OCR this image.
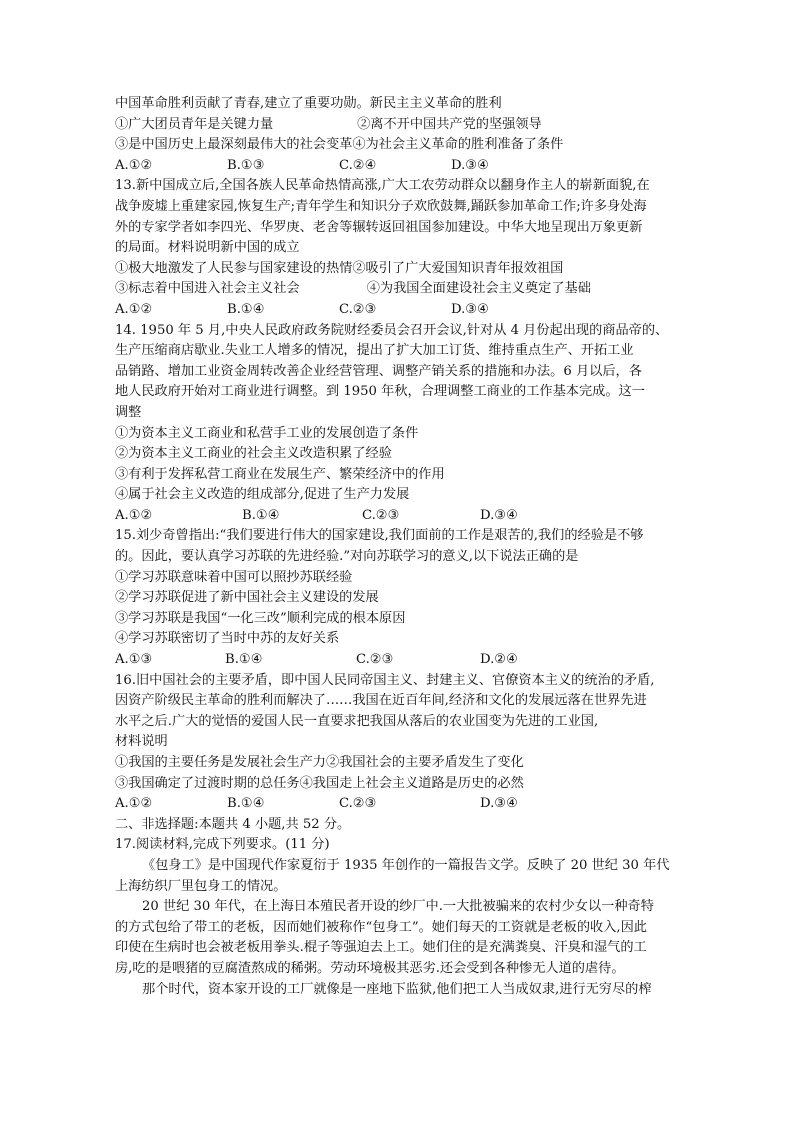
中国革命胜利贡献了青春,建立了重要功勋。新民主主义革命的胜利
①广大团员青年是关键力量                    ②离不开中国共产党的坚强领导
③是中国历史上最深刻最伟大的社会变革④为社会主义革命的胜利准备了条件
A.①②	B.①③	C.②④	D.③④
13.新中国成立后,全国各族人民革命热情高涨,广大工农劳动群众以翻身作主人的崭新面貌,在
战争废墟上重建家园,恢复生产;青年学生和知识分子欢欣鼓舞,踊跃参加革命工作;许多身处海
外的专家学者如李四光、华罗庚、老舍等辗转返回祖国参加建设。中华大地呈现出万象更新
的局面。材料说明新中国的成立
①极大地激发了人民参与国家建设的热情②吸引了广大爱国知识青年报效祖国
③标志着中国进入社会主义社会                ④为我国全面建设社会主义奠定了基础
A.①②	B.①④	C.②③	D.③④
14. 1950 年 5 月,中央人民政府政务院财经委员会召开会议,针对从 4 月份起出现的商品帝的、
生产压缩商店歇业.失业工人增多的情况，提出了扩大加工订货、维持重点生产、开拓工业
品销路、增加工业资金周转改善企业经营管理、调整产销关系的措施和办法。6 月以后，各
地人民政府开始对工商业进行调整。到 1950 年秋，合理调整工商业的工作基本完成。这一
调整
①为资本主义工商业和私营手工业的发展创造了条件
②为资本主义工商业的社会主义改造积累了经验
③有利于发挥私营工商业在发展生产、繁荣经济中的作用
④属于社会主义改造的组成部分,促进了生产力发展
A.①②	B.①④	C.②③	D.③④
15.刘少奇曾指出:“我们要进行伟大的国家建设,我们面前的工作是艰苦的,我们的经验是不够
的。因此，要认真学习苏联的先进经验.”对向苏联学习的意义,以下说法正确的是
①学习苏联意味着中国可以照抄苏联经验
②学习苏联促进了新中国社会主义建设的发展
③学习苏联是我国“一化三改”顺利完成的根本原因
④学习苏联密切了当时中苏的友好关系
A.①③	B.①④	C.②③	D.②④
16.旧中国社会的主要矛盾，即中国人民同帝国主义、封建主义、官僚资本主义的统治的矛盾,
因资产阶级民主革命的胜利而解决了……我国在近百年间,经济和文化的发展远落在世界先进
水平之后.广大的觉悟的爱国人民一直要求把我国从落后的农业国变为先进的工业国,
材料说明
①我国的主要任务是发展社会生产力②我国社会的主要矛盾发生了变化
③我国确定了过渡时期的总任务④我国走上社会主义道路是历史的必然
A.①②	B.①④	C.②③	D.③④
二、非选择题:本题共 4 小题,共 52 分。
17.阅读材料,完成下列要求。(11 分)
《包身工》是中国现代作家夏衍于 1935 年创作的一篇报告文学。反映了 20 世纪 30 年代
上海纺织厂里包身工的情况。
20 世纪 30 年代，在上海日本殖民者开设的纱厂中.一大批被骗来的农村少女以一种奇特
的方式包给了带工的老板，因而她们被称作“包身工”。她们每天的工资就是老板的收入,因此
印使在生病时也会被老板用拳头.棍子等强迫去上工。她们住的是充满粪臭、汗臭和湿气的工
房,吃的是喂猪的豆腐渣熬成的稀粥。劳动环境极其恶劣.还会受到各种惨无人道的虐待。
那个时代，资本家开设的工厂就像是一座地下监狱,他们把工人当成奴隶,进行无穷尽的榨
